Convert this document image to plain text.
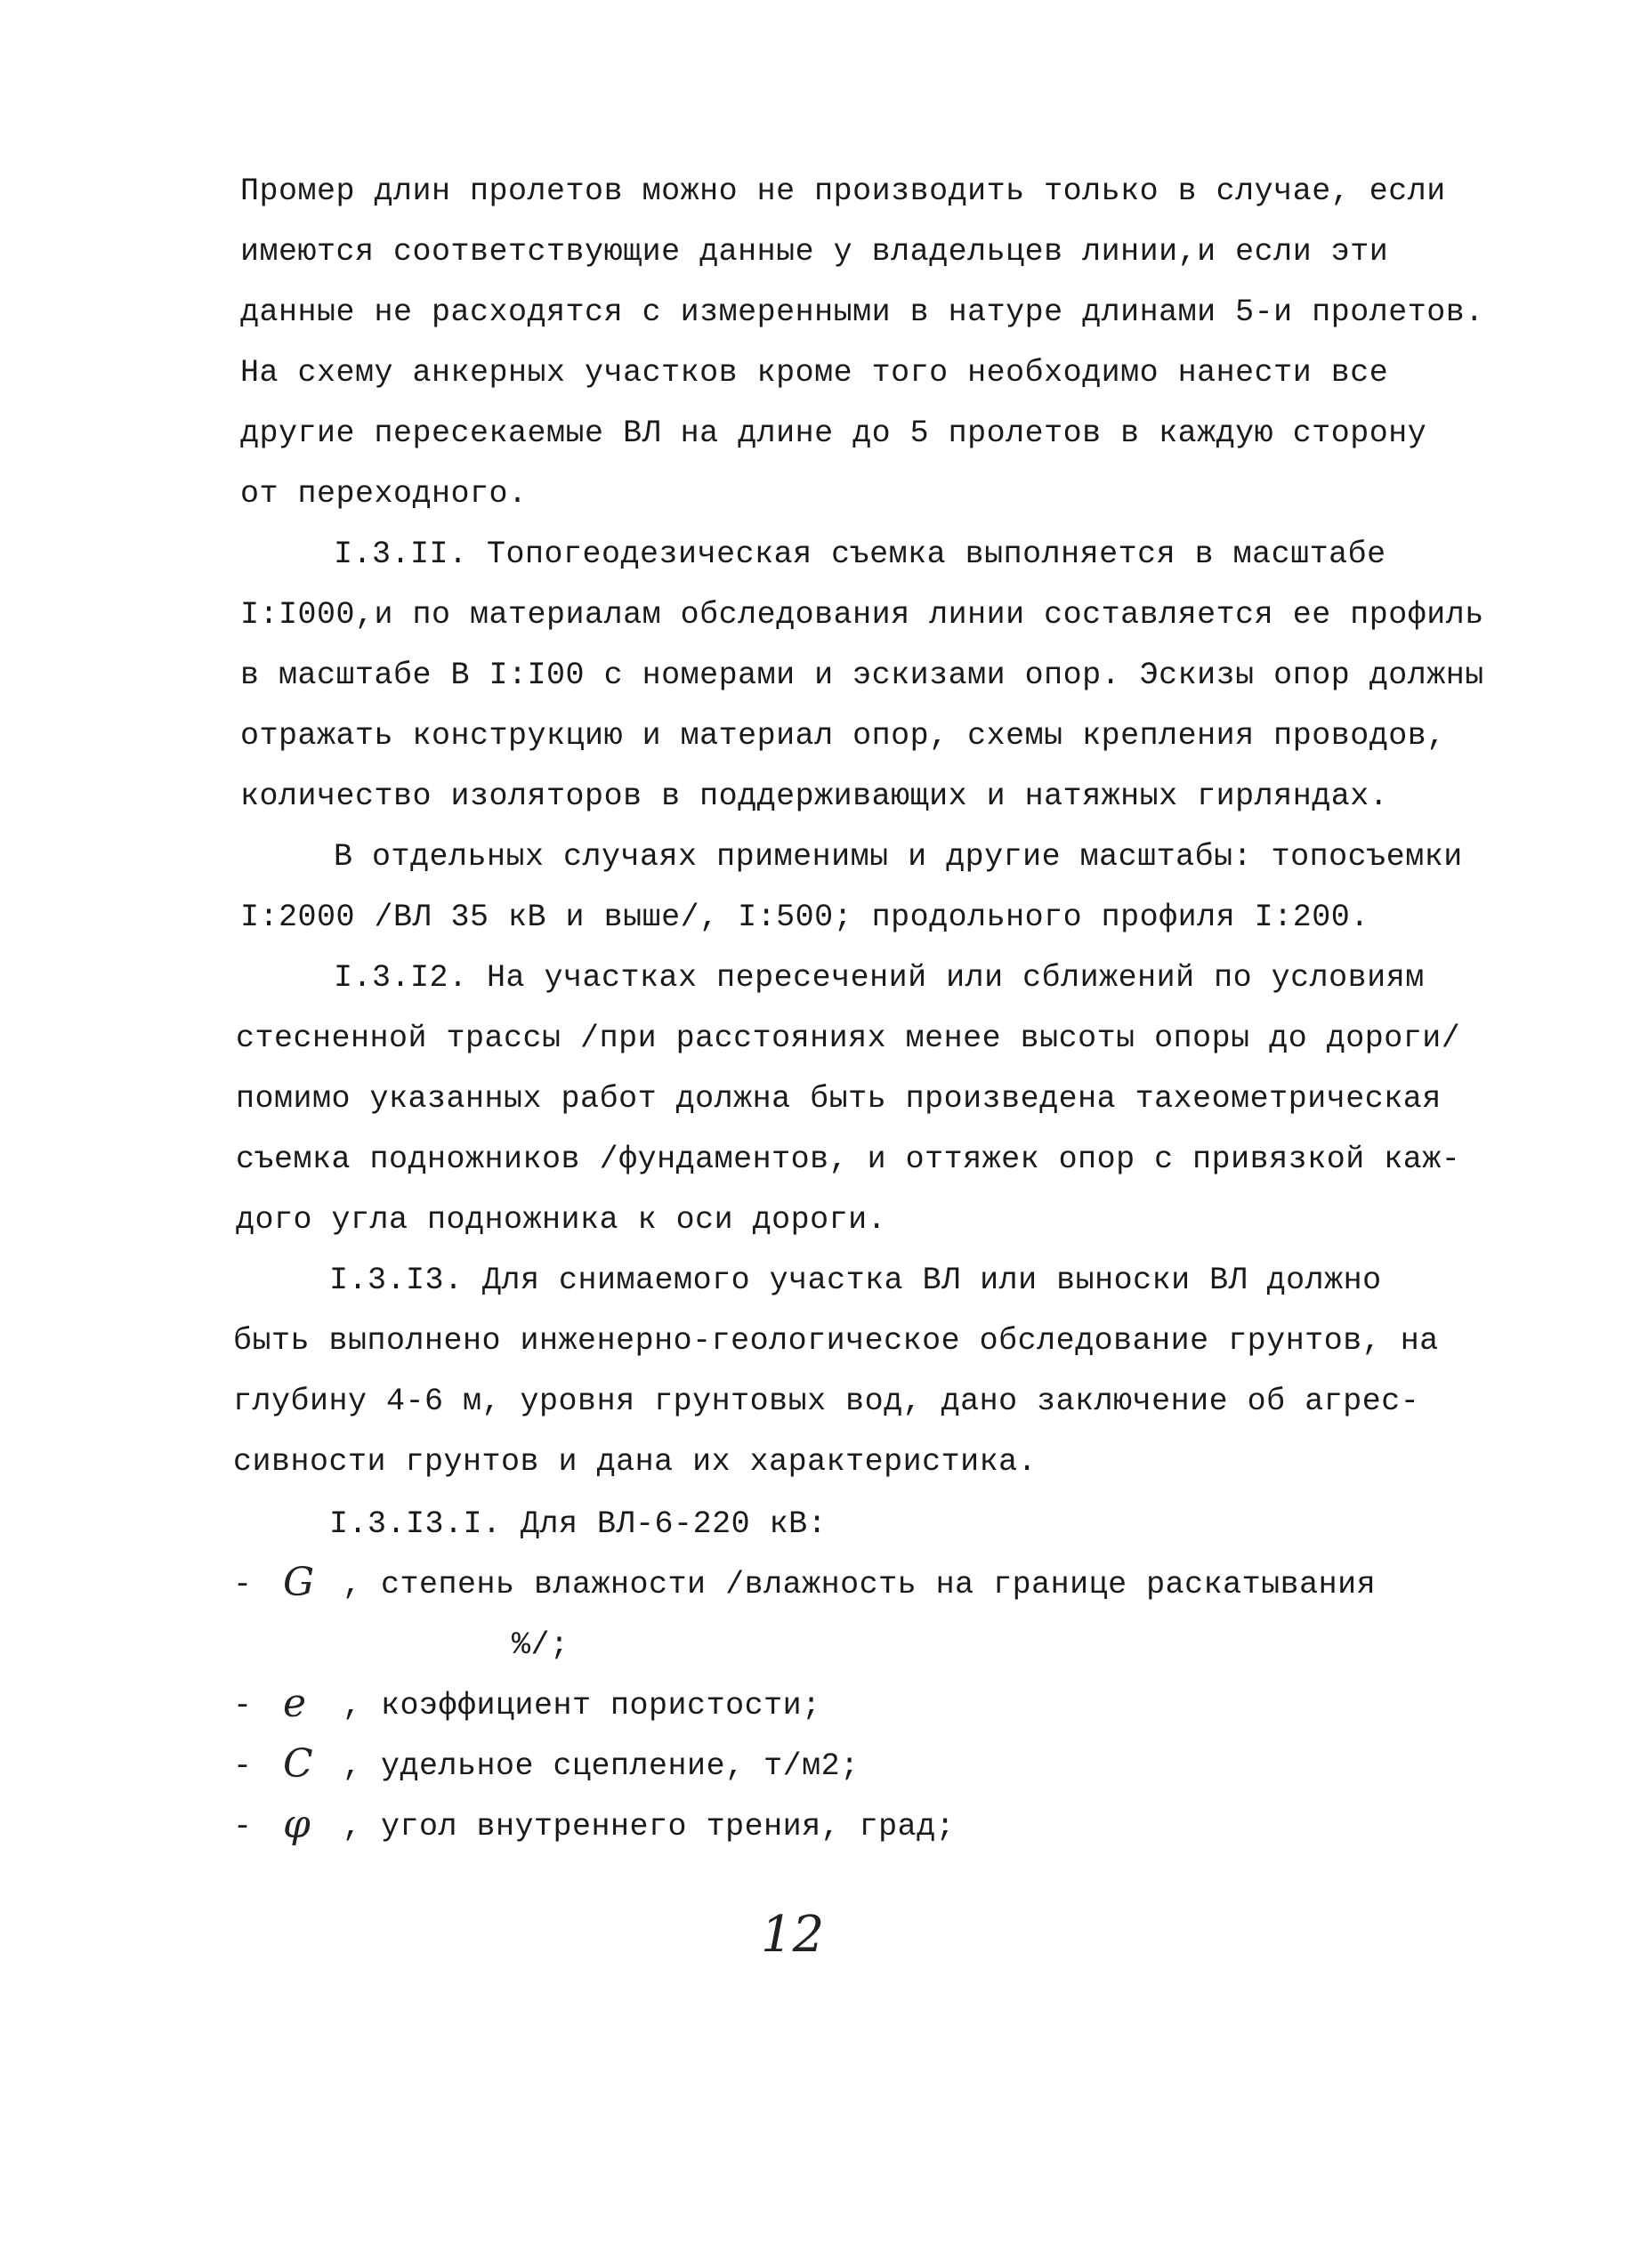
Промер длин пролетов можно не производить только в случае, если
имеются соответствующие данные у владельцев линии,и если эти
данные не расходятся с измеренными в натуре длинами 5-и пролетов.
На схему анкерных участков кроме того необходимо нанести все
другие пересекаемые ВЛ на длине до 5 пролетов в каждую сторону
от переходного.
I.3.II. Топогеодезическая съемка выполняется в масштабе
I:I000,и по материалам обследования линии составляется ее профиль
в масштабе В I:I00 с номерами и эскизами опор. Эскизы опор должны
отражать конструкцию и материал опор, схемы крепления проводов,
количество изоляторов в поддерживающих и натяжных гирляндах.
В отдельных случаях применимы и другие масштабы: топосъемки
I:2000 /ВЛ 35 кВ и выше/, I:500; продольного профиля I:200.
I.3.I2. На участках пересечений или сближений по условиям
стесненной трассы /при расстояниях менее высоты опоры до дороги/
помимо указанных работ должна быть произведена тахеометрическая
съемка подножников /фундаментов, и оттяжек опор с привязкой каж-
дого угла подножника к оси дороги.
I.3.I3. Для снимаемого участка ВЛ или выноски ВЛ должно
быть выполнено инженерно-геологическое обследование грунтов, на
глубину 4-6 м, уровня грунтовых вод, дано заключение об агрес-
сивности грунтов и дана их характеристика.
I.3.I3.I. Для ВЛ-6-220 кВ:
- G , степень влажности /влажность на границе раскатывания
%/;
- e , коэффициент пористости;
- C , удельное сцепление, т/м2;
- φ , угол внутреннего трения, град;
12
